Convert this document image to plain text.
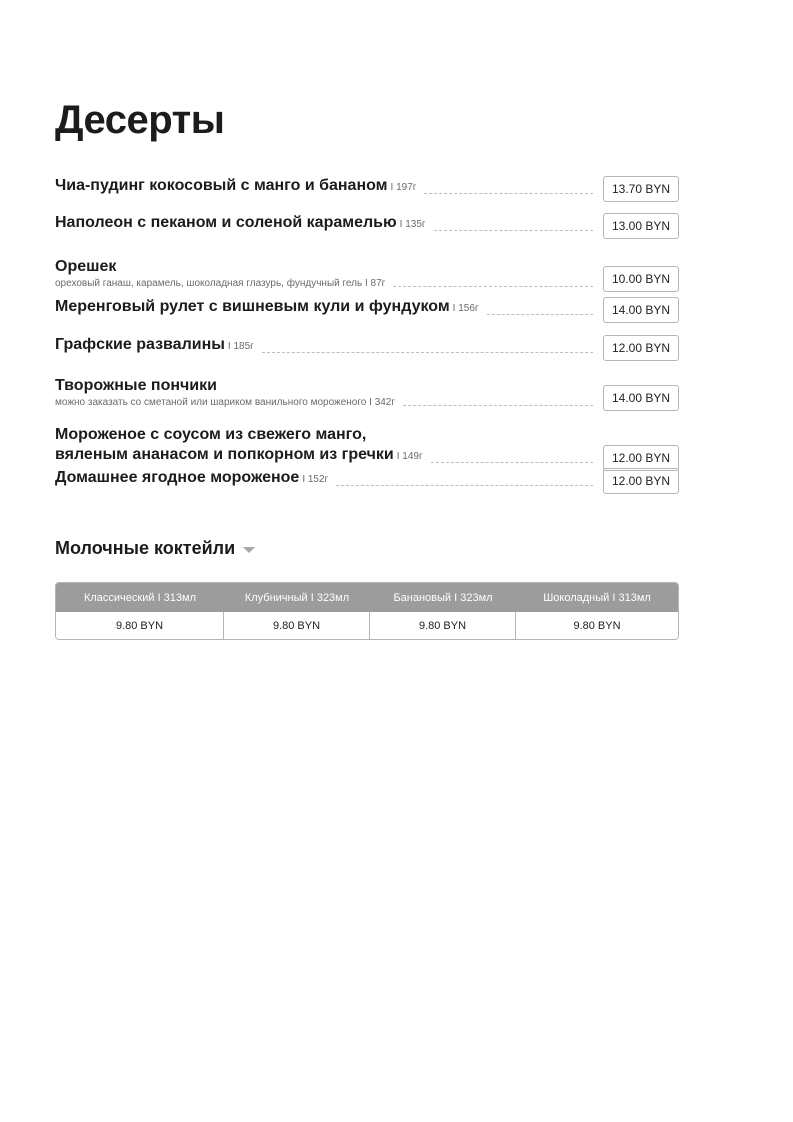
Десерты
Чиа-пудинг кокосовый с манго и бананом I 197г	13.70 BYN
Наполеон с пеканом и соленой карамелью I 135г	13.00 BYN
Орешек
ореховый ганаш, карамель, шоколадная глазурь, фундучный гель I 87г	10.00 BYN
Меренговый рулет с вишневым кули и фундуком I 156г	14.00 BYN
Графские развалины I 185г	12.00 BYN
Творожные пончики
можно заказать со сметаной или шариком ванильного мороженого I 342г	14.00 BYN
Мороженое с соусом из свежего манго,
вяленым ананасом и попкорном из гречки I 149г	12.00 BYN
Домашнее ягодное мороженое I 152г	12.00 BYN
Молочные коктейли
Классический I 313мл	Клубничный I 323мл	Банановый I 323мл	Шоколадный I 313мл
9.80 BYN	9.80 BYN	9.80 BYN	9.80 BYN
